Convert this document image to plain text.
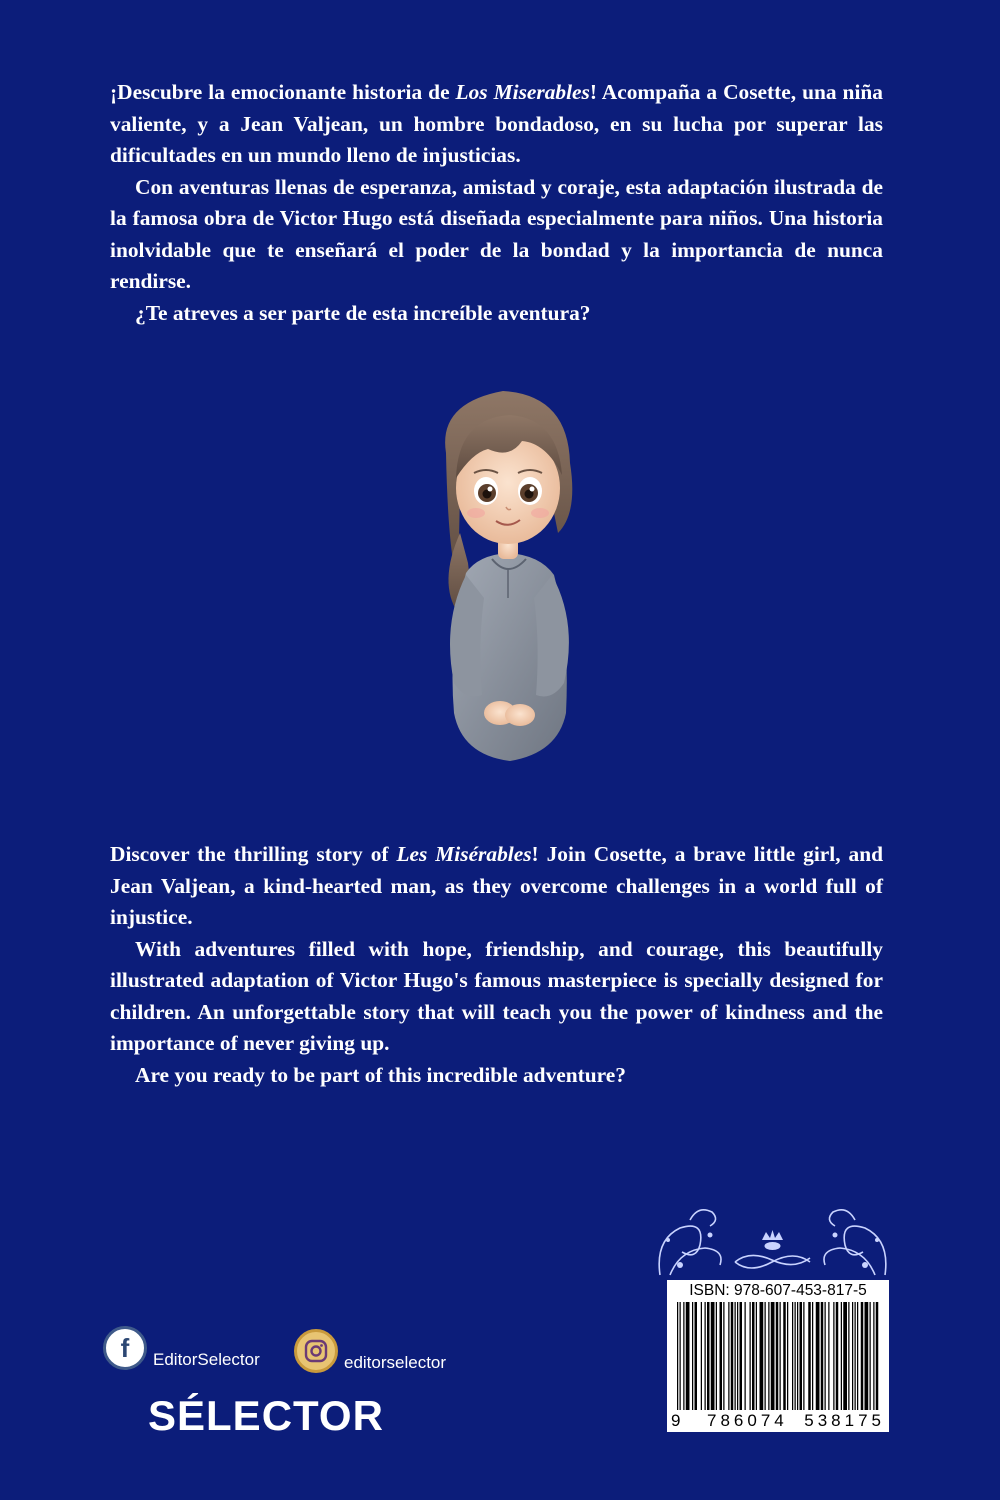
¡Descubre la emocionante historia de Los Miserables! Acompaña a Cosette, una niña valiente, y a Jean Valjean, un hombre bondadoso, en su lucha por superar las dificultades en un mundo lleno de injusticias.

Con aventuras llenas de esperanza, amistad y coraje, esta adaptación ilustrada de la famosa obra de Victor Hugo está diseñada especialmente para niños. Una historia inolvidable que te enseñará el poder de la bondad y la importancia de nunca rendirse.

¿Te atreves a ser parte de esta increíble aventura?

Discover the thrilling story of Les Misérables! Join Cosette, a brave little girl, and Jean Valjean, a kind-hearted man, as they overcome challenges in a world full of injustice.

With adventures filled with hope, friendship, and courage, this beautifully illustrated adaptation of Victor Hugo's famous masterpiece is specially designed for children. An unforgettable story that will teach you the power of kindness and the importance of never giving up.

Are you ready to be part of this incredible adventure?

f EditorSelector	editorselector
SÉLECTOR
ISBN: 978-607-453-817-5
9 786074 538175
